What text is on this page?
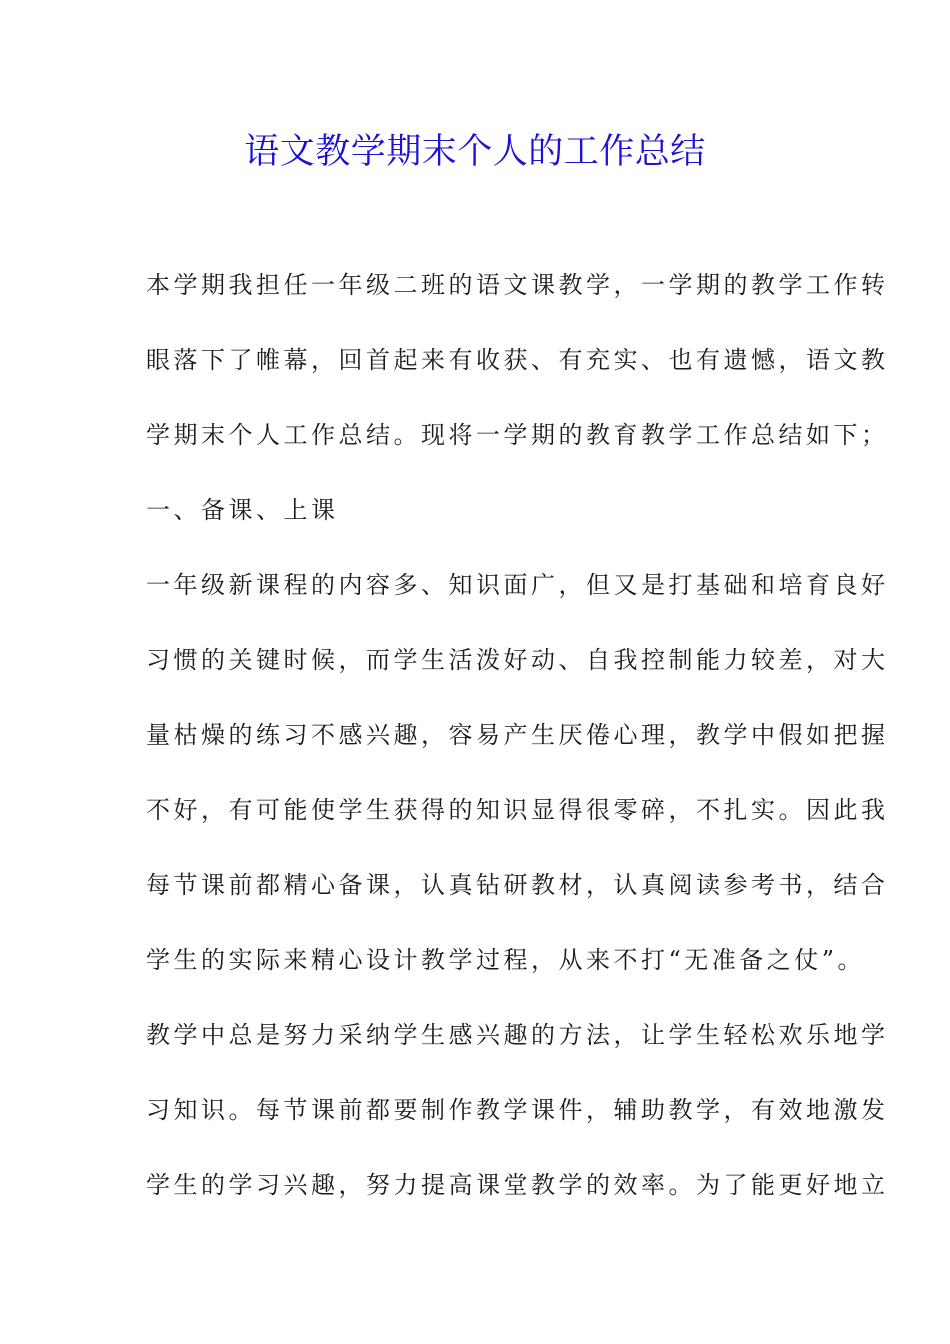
语文教学期末个人的工作总结
本学期我担任一年级二班的语文课教学，一学期的教学工作转
眼落下了帷幕，回首起来有收获、有充实、也有遗憾，语文教
学期末个人工作总结。现将一学期的教育教学工作总结如下；
一、备课、上课
一年级新课程的内容多、知识面广，但又是打基础和培育良好
习惯的关键时候，而学生活泼好动、自我控制能力较差，对大
量枯燥的练习不感兴趣，容易产生厌倦心理，教学中假如把握
不好，有可能使学生获得的知识显得很零碎，不扎实。因此我
每节课前都精心备课，认真钻研教材，认真阅读参考书，结合
学生的实际来精心设计教学过程，从来不打“无准备之仗”。
教学中总是努力采纳学生感兴趣的方法，让学生轻松欢乐地学
习知识。每节课前都要制作教学课件，辅助教学，有效地激发
学生的学习兴趣，努力提高课堂教学的效率。为了能更好地立
